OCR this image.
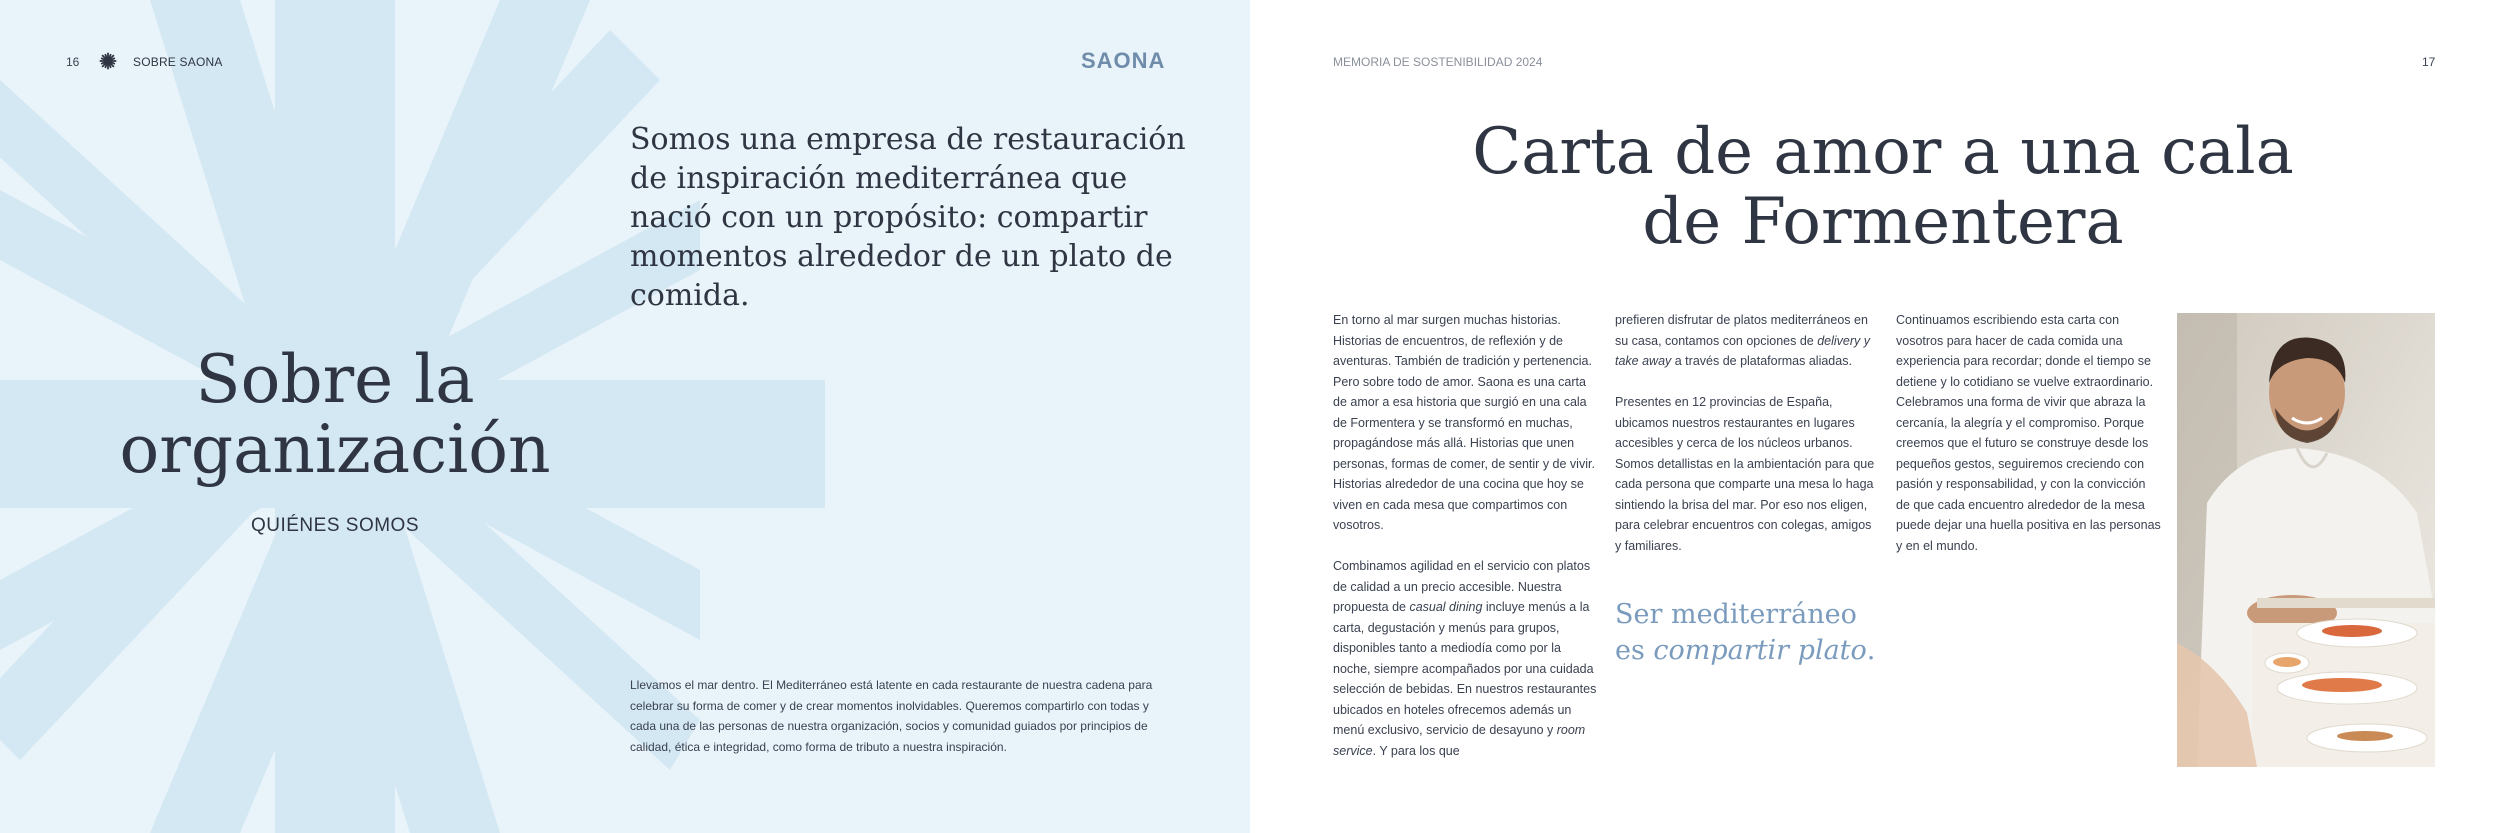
16	SOBRE SAONA	SAONA
Somos una empresa de restauración de inspiración mediterránea que nació con un propósito: compartir momentos alrededor de un plato de comida.
Sobre la
organización
QUIÉNES SOMOS
Llevamos el mar dentro. El Mediterráneo está latente en cada restaurante de nuestra cadena para celebrar su forma de comer y de crear momentos inolvidables. Queremos compartirlo con todas y cada una de las personas de nuestra organización, socios y comunidad guiados por principios de calidad, ética e integridad, como forma de tributo a nuestra inspiración.
MEMORIA DE SOSTENIBILIDAD 2024	17
Carta de amor a una cala
de Formentera

En torno al mar surgen muchas historias. Historias de encuentros, de reflexión y de aventuras. También de tradición y pertenencia. Pero sobre todo de amor. Saona es una carta de amor a esa historia que surgió en una cala de Formentera y se transformó en muchas, propagándose más allá. Historias que unen personas, formas de comer, de sentir y de vivir. Historias alrededor de una cocina que hoy se viven en cada mesa que compartimos con vosotros.

Combinamos agilidad en el servicio con platos de calidad a un precio accesible. Nuestra propuesta de casual dining incluye menús a la carta, degustación y menús para grupos, disponibles tanto a mediodía como por la noche, siempre acompañados por una cuidada selección de bebidas. En nuestros restaurantes ubicados en hoteles ofrecemos además un menú exclusivo, servicio de desayuno y room service. Y para los que

prefieren disfrutar de platos mediterráneos en su casa, contamos con opciones de delivery y take away a través de plataformas aliadas.

Presentes en 12 provincias de España, ubicamos nuestros restaurantes en lugares accesibles y cerca de los núcleos urbanos. Somos detallistas en la ambientación para que cada persona que comparte una mesa lo haga sintiendo la brisa del mar. Por eso nos eligen, para celebrar encuentros con colegas, amigos y familiares.

Ser mediterráneo
es compartir plato.

Continuamos escribiendo esta carta con vosotros para hacer de cada comida una experiencia para recordar; donde el tiempo se detiene y lo cotidiano se vuelve extraordinario. Celebramos una forma de vivir que abraza la cercanía, la alegría y el compromiso. Porque creemos que el futuro se construye desde los pequeños gestos, seguiremos creciendo con pasión y responsabilidad, y con la convicción de que cada encuentro alrededor de la mesa puede dejar una huella positiva en las personas y en el mundo.
